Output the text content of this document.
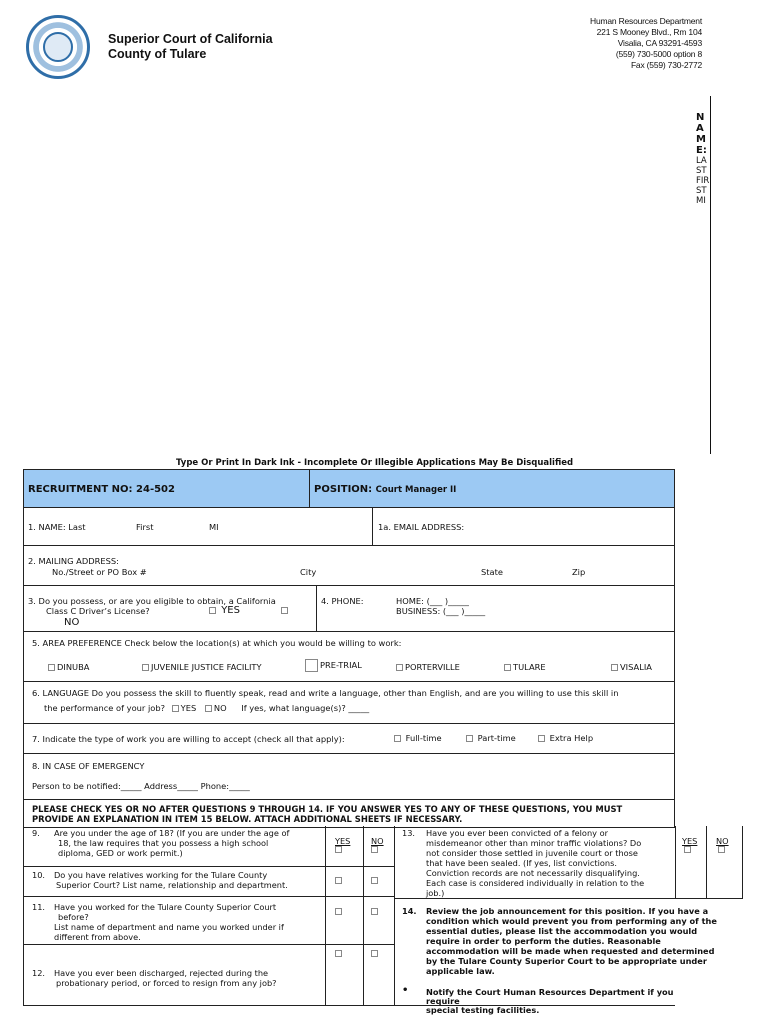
Superior Court of California
County of Tulare
Human Resources Department
221 S Mooney Blvd., Rm 104
Visalia, CA 93291-4593
(559) 730-5000 option 8
Fax (559) 730-2772
N
A
M
E:
LA
ST
FIR
ST
MI
Type Or Print In Dark Ink - Incomplete Or Illegible Applications May Be Disqualified
RECRUITMENT NO: 24-502	POSITION: Court Manager II
1. NAME: Last	First	MI	1a. EMAIL ADDRESS:
2. MAILING ADDRESS:
No./Street or PO Box #	City	State	Zip
3. Do you possess, or are you eligible to obtain, a California
Class C Driver’s License?	YES
NO
4. PHONE:	HOME: (___ )_____
BUSINESS: (___ )_____
5. AREA PREFERENCE Check below the location(s) at which you would be willing to work:
DINUBA	JUVENILE JUSTICE FACILITY	PRE-TRIAL	PORTERVILLE	TULARE	VISALIA
6. LANGUAGE Do you possess the skill to fluently speak, read and write a language, other than English, and are you willing to use this skill in
the performance of your job? YES NO If yes, what language(s)? _____
7. Indicate the type of work you are willing to accept (check all that apply):	Full-time	Part-time	Extra Help
8. IN CASE OF EMERGENCY
Person to be notified:_____ Address_____ Phone:_____
PLEASE CHECK YES OR NO AFTER QUESTIONS 9 THROUGH 14. IF YOU ANSWER YES TO ANY OF THESE QUESTIONS, YOU MUST
PROVIDE AN EXPLANATION IN ITEM 15 BELOW. ATTACH ADDITIONAL SHEETS IF NECESSARY.
9. Are you under the age of 18? (If you are under the age of
18, the law requires that you possess a high school
diploma, GED or work permit.)
YES	NO
10. Do you have relatives working for the Tulare County
Superior Court? List name, relationship and department.
11. Have you worked for the Tulare County Superior Court
before?
List name of department and name you worked under if
different from above.
12. Have you ever been discharged, rejected during the
probationary period, or forced to resign from any job?
13. Have you ever been convicted of a felony or
misdemeanor other than minor traffic violations? Do
not consider those settled in juvenile court or those
that have been sealed. (If yes, list convictions.
Conviction records are not necessarily disqualifying.
Each case is considered individually in relation to the
job.)
YES NO
14. Review the job announcement for this position. If you have a
condition which would prevent you from performing any of the
essential duties, please list the accommodation you would
require in order to perform the duties. Reasonable
accommodation will be made when requested and determined
by the Tulare County Superior Court to be appropriate under
applicable law.
• Notify the Court Human Resources Department if you require
special testing facilities.
